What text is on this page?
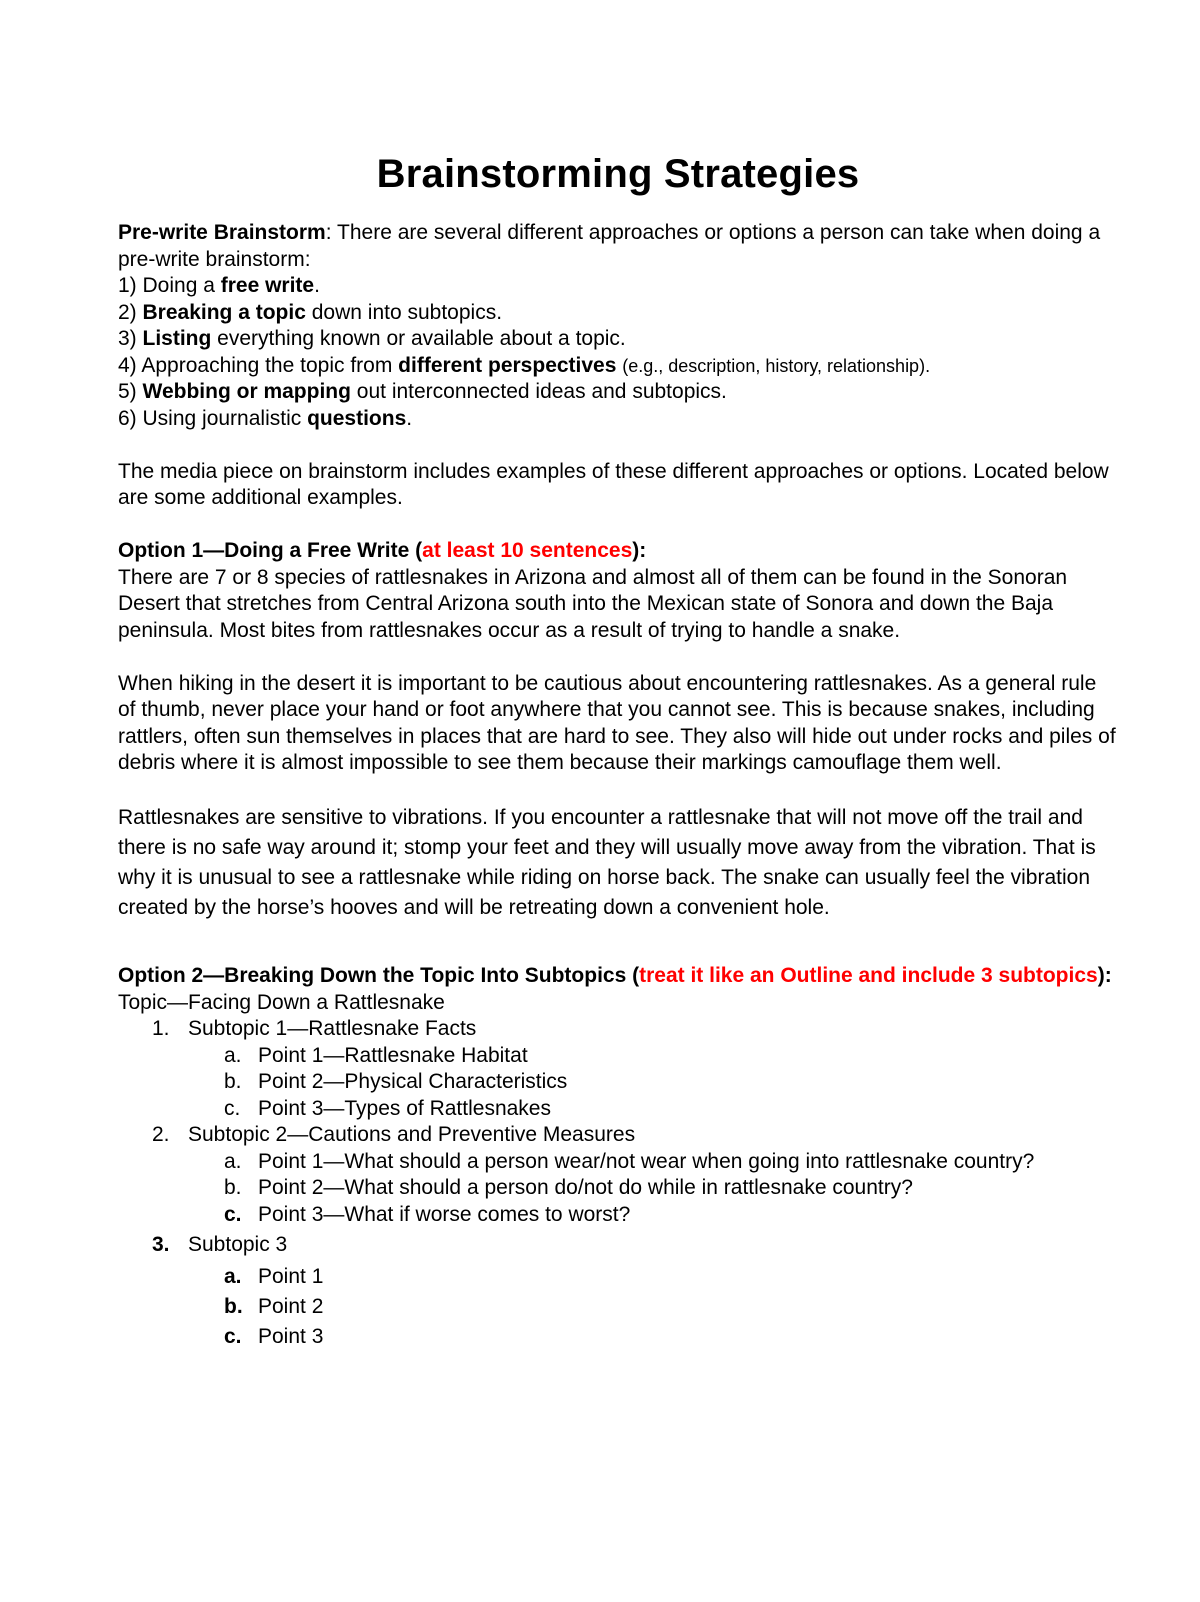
Brainstorming Strategies

Pre-write Brainstorm: There are several different approaches or options a person can take when doing a pre-write brainstorm:

1) Doing a free write.

2) Breaking a topic down into subtopics.

3) Listing everything known or available about a topic.

4) Approaching the topic from different perspectives (e.g., description, history, relationship).

5) Webbing or mapping out interconnected ideas and subtopics.

6) Using journalistic questions.

The media piece on brainstorm includes examples of these different approaches or options. Located below are some additional examples.

Option 1—Doing a Free Write (at least 10 sentences):

There are 7 or 8 species of rattlesnakes in Arizona and almost all of them can be found in the Sonoran Desert that stretches from Central Arizona south into the Mexican state of Sonora and down the Baja peninsula. Most bites from rattlesnakes occur as a result of trying to handle a snake.

When hiking in the desert it is important to be cautious about encountering rattlesnakes. As a general rule of thumb, never place your hand or foot anywhere that you cannot see. This is because snakes, including rattlers, often sun themselves in places that are hard to see. They also will hide out under rocks and piles of debris where it is almost impossible to see them because their markings camouflage them well.

Rattlesnakes are sensitive to vibrations. If you encounter a rattlesnake that will not move off the trail and there is no safe way around it; stomp your feet and they will usually move away from the vibration. That is why it is unusual to see a rattlesnake while riding on horse back. The snake can usually feel the vibration created by the horse’s hooves and will be retreating down a convenient hole.

Option 2—Breaking Down the Topic Into Subtopics (treat it like an Outline and include 3 subtopics):

Topic—Facing Down a Rattlesnake

1. Subtopic 1—Rattlesnake Facts
a. Point 1—Rattlesnake Habitat
b. Point 2—Physical Characteristics
c. Point 3—Types of Rattlesnakes
2. Subtopic 2—Cautions and Preventive Measures
a. Point 1—What should a person wear/not wear when going into rattlesnake country?
b. Point 2—What should a person do/not do while in rattlesnake country?
c. Point 3—What if worse comes to worst?
3. Subtopic 3
a. Point 1
b. Point 2
c. Point 3
